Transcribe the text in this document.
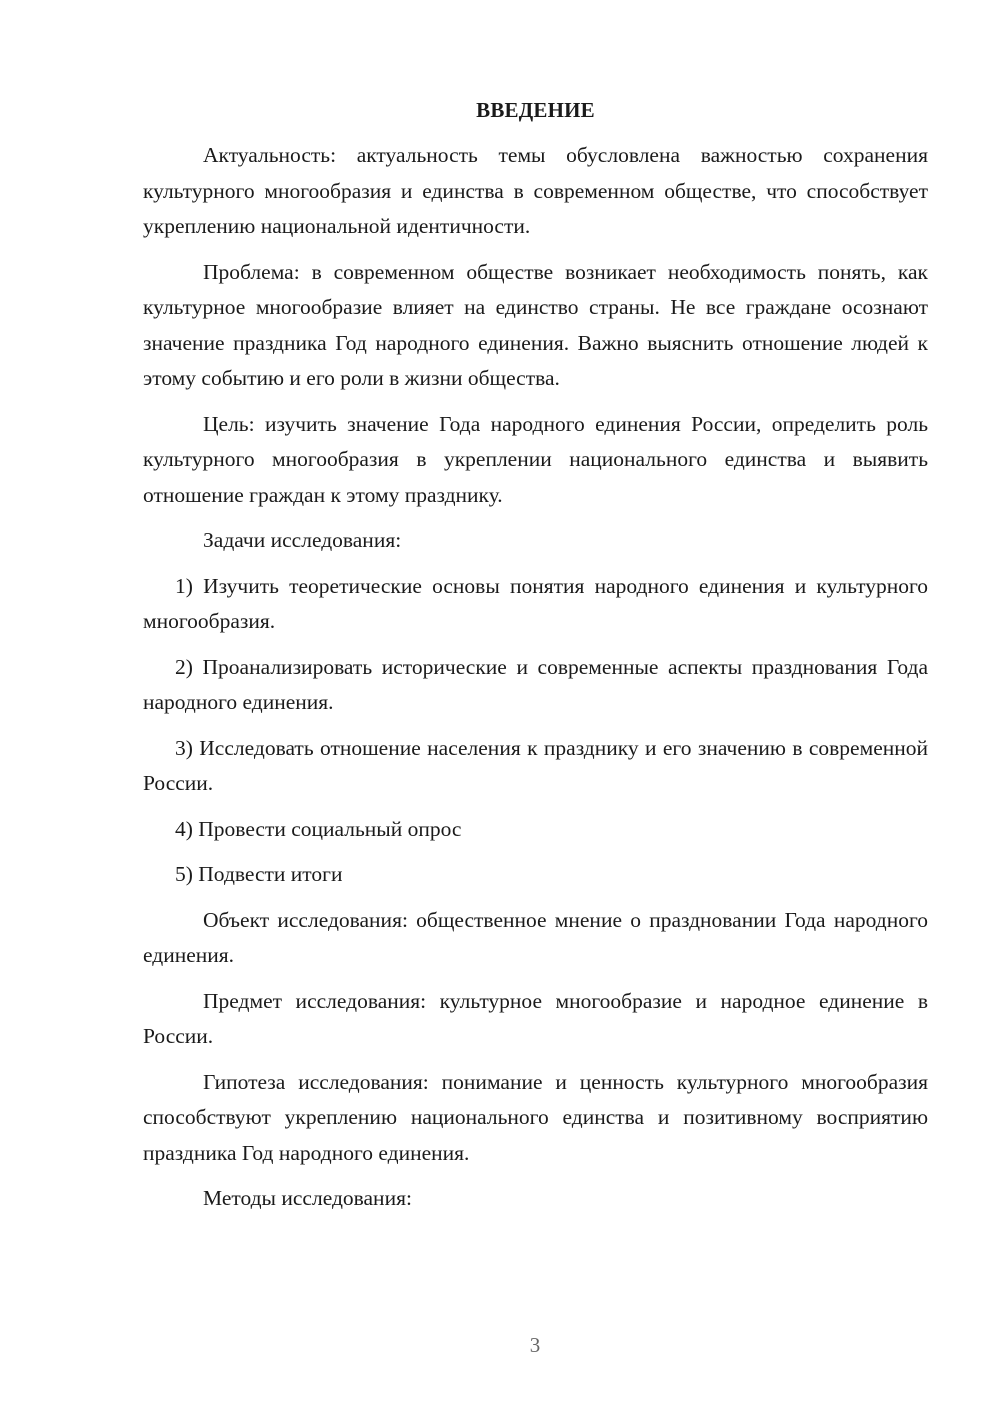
ВВЕДЕНИЕ

Актуальность: актуальность темы обусловлена важностью сохранения культурного многообразия и единства в современном обществе, что способствует укреплению национальной идентичности.

Проблема: в современном обществе возникает необходимость понять, как культурное многообразие влияет на единство страны. Не все граждане осознают значение праздника Год народного единения. Важно выяснить отношение людей к этому событию и его роли в жизни общества.

Цель: изучить значение Года народного единения России, определить роль культурного многообразия в укреплении национального единства и выявить отношение граждан к этому празднику.

Задачи исследования:

1) Изучить теоретические основы понятия народного единения и культурного многообразия.

2) Проанализировать исторические и современные аспекты празднования Года народного единения.

3) Исследовать отношение населения к празднику и его значению в современной России.

4) Провести социальный опрос

5) Подвести итоги

Объект исследования: общественное мнение о праздновании Года народного единения.

Предмет исследования: культурное многообразие и народное единение в России.

Гипотеза исследования: понимание и ценность культурного многообразия способствуют укреплению национального единства и позитивному восприятию праздника Год народного единения.

Методы исследования:

3
